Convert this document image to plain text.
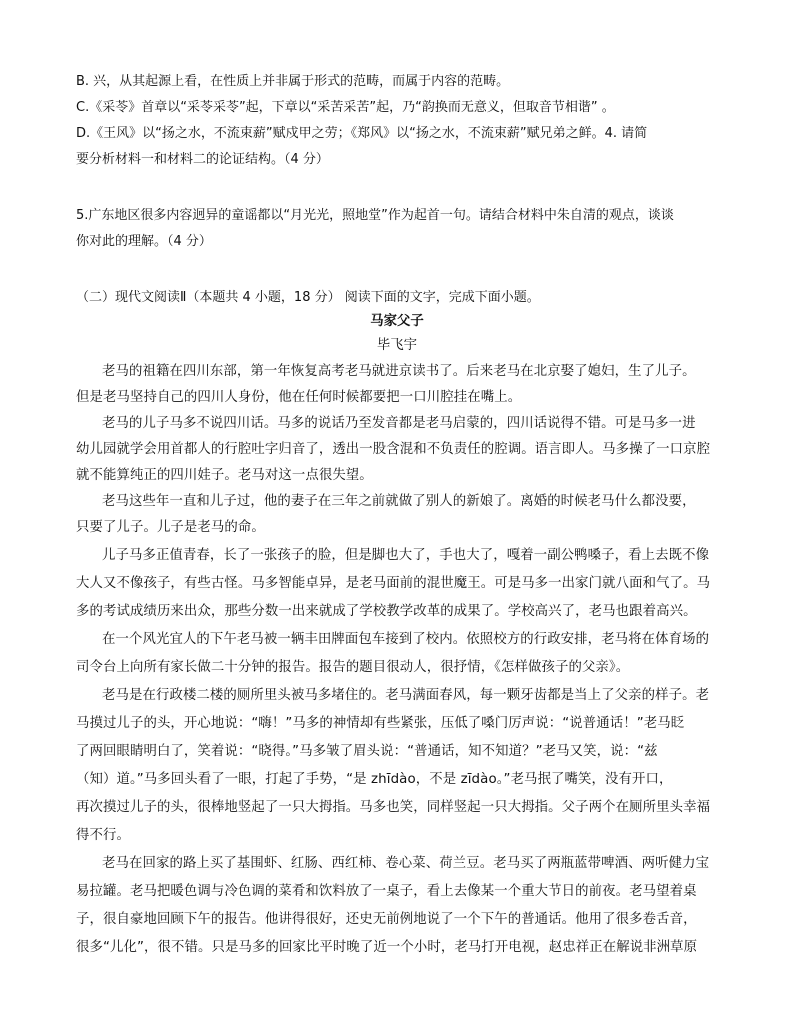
B. 兴，从其起源上看，在性质上并非属于形式的范畴，而属于内容的范畴。
C.《采苓》首章以“采苓采苓”起，下章以“采苦采苦”起，乃“韵换而无意义，但取音节相谐” 。
D.《王风》以“扬之水，不流束薪”赋戍甲之劳；《郑风》以“扬之水，不流束薪”赋兄弟之鲜。4. 请简
要分析材料一和材料二的论证结构。（4 分）
5.广东地区很多内容迥异的童谣都以“月光光，照地堂”作为起首一句。请结合材料中朱自清的观点，谈谈
你对此的理解。（4 分）
（二）现代文阅读Ⅱ（本题共 4 小题，18 分） 阅读下面的文字，完成下面小题。
马家父子
毕飞宇
老马的祖籍在四川东部，第一年恢复高考老马就进京读书了。后来老马在北京娶了媳妇，生了儿子。
但是老马坚持自己的四川人身份，他在任何时候都要把一口川腔挂在嘴上。
老马的儿子马多不说四川话。马多的说话乃至发音都是老马启蒙的，四川话说得不错。可是马多一进
幼儿园就学会用首都人的行腔吐字归音了，透出一股含混和不负责任的腔调。语言即人。马多操了一口京腔
就不能算纯正的四川娃子。老马对这一点很失望。
老马这些年一直和儿子过，他的妻子在三年之前就做了别人的新娘了。离婚的时候老马什么都没要，
只要了儿子。儿子是老马的命。
儿子马多正值青春，长了一张孩子的脸，但是脚也大了，手也大了，嘎着一副公鸭嗓子，看上去既不像
大人又不像孩子，有些古怪。马多智能卓异，是老马面前的混世魔王。可是马多一出家门就八面和气了。马
多的考试成绩历来出众，那些分数一出来就成了学校教学改革的成果了。学校高兴了，老马也跟着高兴。
在一个风光宜人的下午老马被一辆丰田牌面包车接到了校内。依照校方的行政安排，老马将在体育场的
司令台上向所有家长做二十分钟的报告。报告的题目很动人，很抒情，《怎样做孩子的父亲》。
老马是在行政楼二楼的厕所里头被马多堵住的。老马满面春风，每一颗牙齿都是当上了父亲的样子。老
马摸过儿子的头，开心地说：“嗨！”马多的神情却有些紧张，压低了嗓门厉声说：“说普通话！”老马眨
了两回眼睛明白了，笑着说：“晓得。”马多皱了眉头说：“普通话，知不知道？”老马又笑，说：“兹
（知）道。”马多回头看了一眼，打起了手势，“是 zhīdào，不是 zīdào。”老马抿了嘴笑，没有开口，
再次摸过儿子的头，很棒地竖起了一只大拇指。马多也笑，同样竖起一只大拇指。父子两个在厕所里头幸福
得不行。
老马在回家的路上买了基围虾、红肠、西红柿、卷心菜、荷兰豆。老马买了两瓶蓝带啤酒、两听健力宝
易拉罐。老马把暖色调与冷色调的菜肴和饮料放了一桌子，看上去像某一个重大节日的前夜。老马望着桌
子，很自豪地回顾下午的报告。他讲得很好，还史无前例地说了一个下午的普通话。他用了很多卷舌音，
很多“儿化”，很不错。只是马多的回家比平时晚了近一个小时，老马打开电视，赵忠祥正在解说非洲草原
